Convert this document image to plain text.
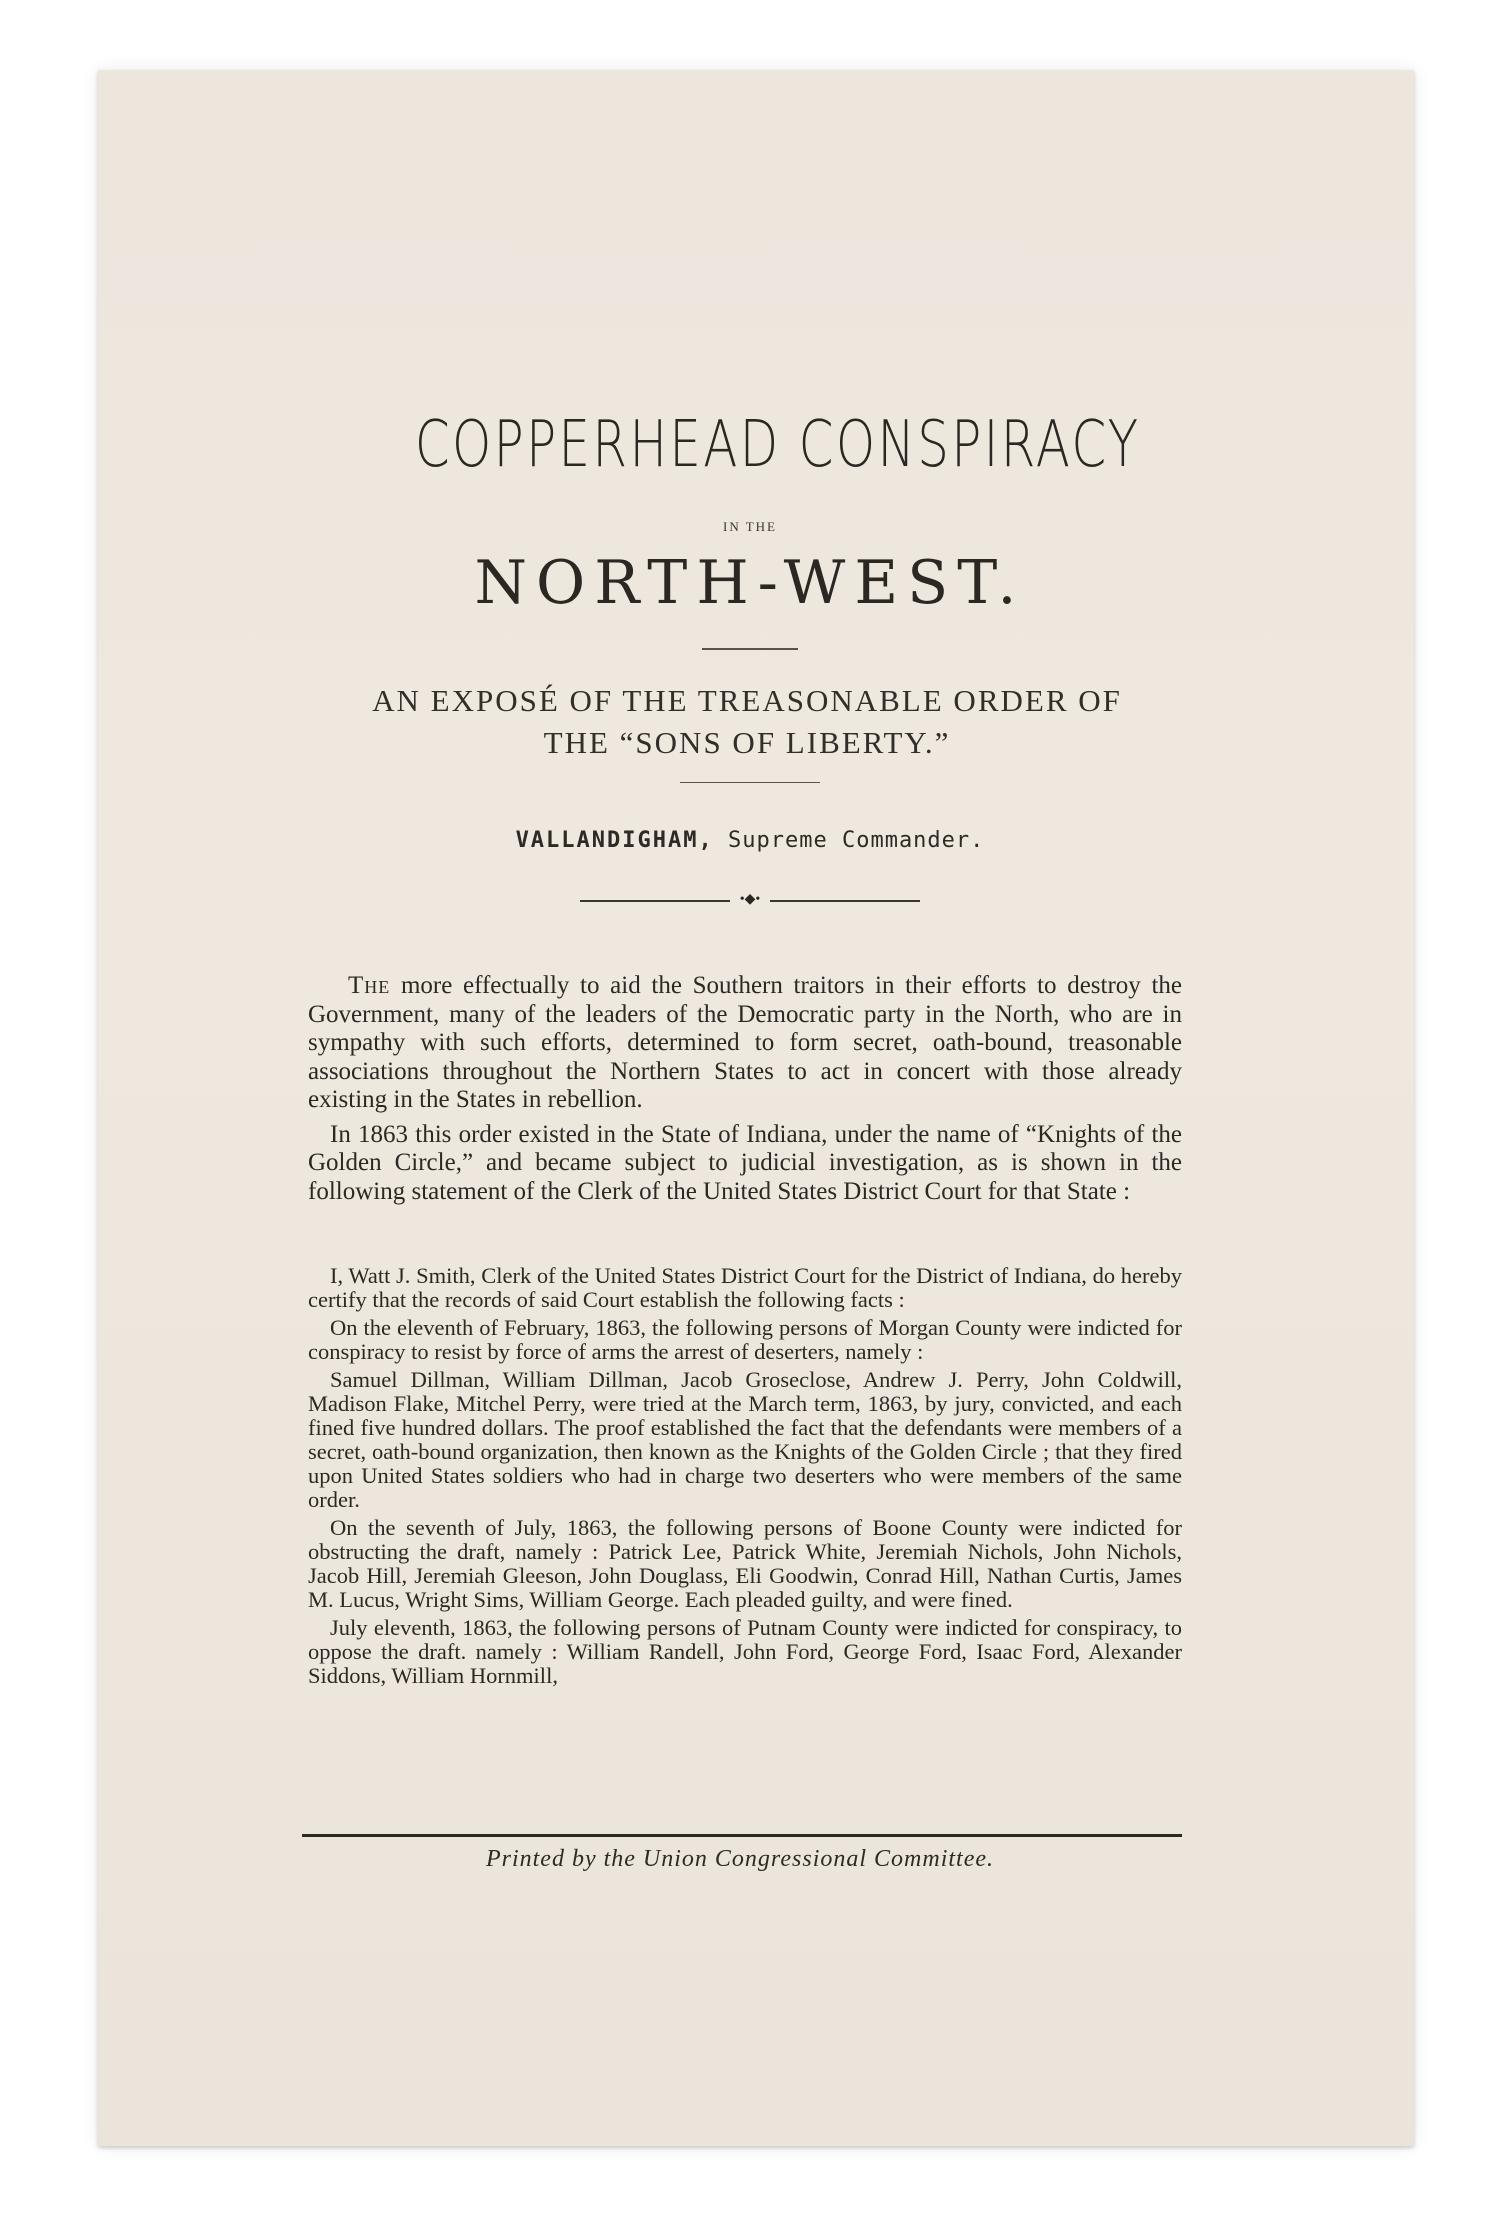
COPPERHEAD CONSPIRACY
IN THE
NORTH-WEST.
AN EXPOSÉ OF THE TREASONABLE ORDER OF
THE “SONS OF LIBERTY.”
VALLANDIGHAM, Supreme Commander.
•◆•

The more effectually to aid the Southern traitors in their efforts to destroy the Government, many of the leaders of the Democratic party in the North, who are in sympathy with such efforts, determined to form secret, oath-bound, treasonable associations throughout the Northern States to act in concert with those already existing in the States in rebellion.

In 1863 this order existed in the State of Indiana, under the name of “Knights of the Golden Circle,” and became subject to judicial investigation, as is shown in the following statement of the Clerk of the United States District Court for that State :

I, Watt J. Smith, Clerk of the United States District Court for the District of Indiana, do hereby certify that the records of said Court establish the following facts :

On the eleventh of February, 1863, the following persons of Morgan County were indicted for conspiracy to resist by force of arms the arrest of deserters, namely :

Samuel Dillman, William Dillman, Jacob Groseclose, Andrew J. Perry, John Coldwill, Madison Flake, Mitchel Perry, were tried at the March term, 1863, by jury, convicted, and each fined five hundred dollars. The proof established the fact that the defendants were members of a secret, oath-bound organization, then known as the Knights of the Golden Circle ; that they fired upon United States soldiers who had in charge two deserters who were members of the same order.

On the seventh of July, 1863, the following persons of Boone County were indicted for obstructing the draft, namely : Patrick Lee, Patrick White, Jeremiah Nichols, John Nichols, Jacob Hill, Jeremiah Gleeson, John Douglass, Eli Goodwin, Conrad Hill, Nathan Curtis, James M. Lucus, Wright Sims, William George. Each pleaded guilty, and were fined.

July eleventh, 1863, the following persons of Putnam County were indicted for conspiracy, to oppose the draft. namely : William Randell, John Ford, George Ford, Isaac Ford, Alexander Siddons, William Hornmill,

Printed by the Union Congressional Committee.
